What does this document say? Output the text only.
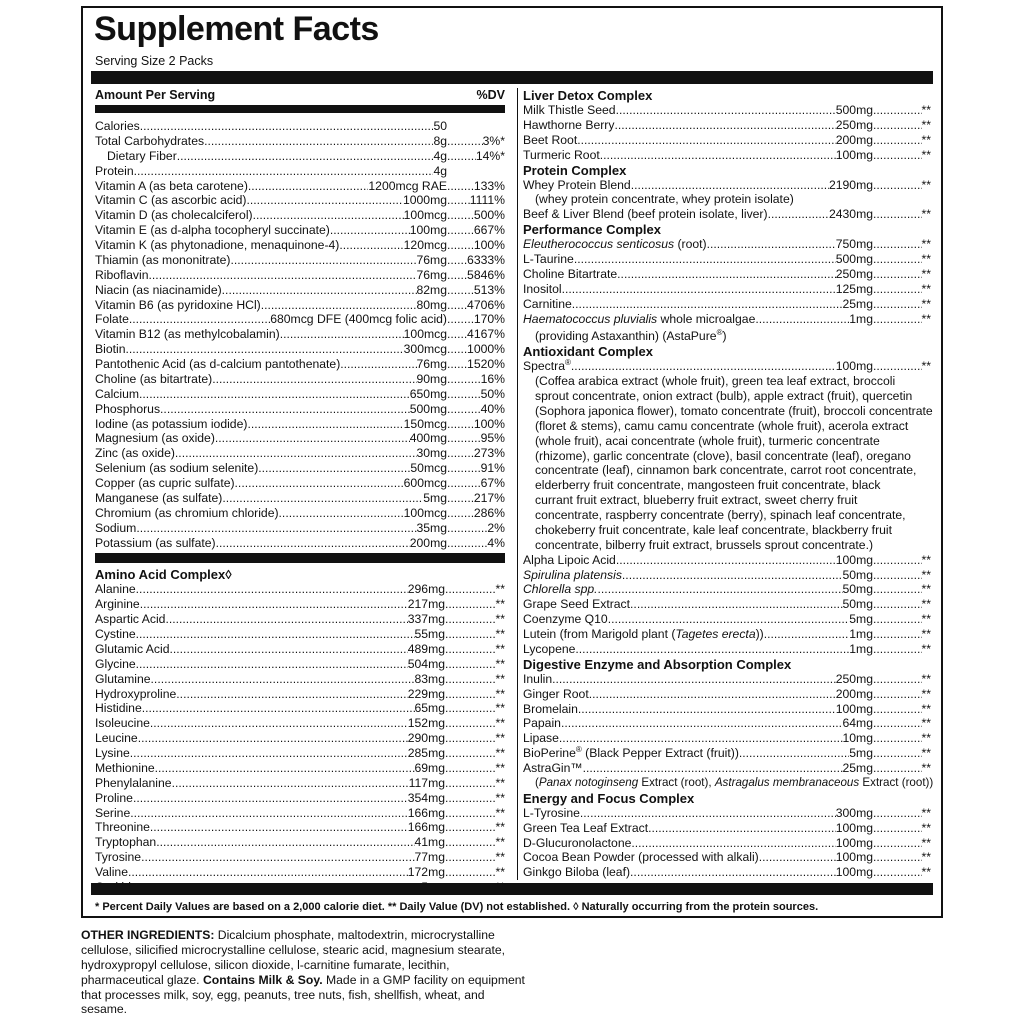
Supplement Facts
Serving Size 2 Packs
Amount Per Serving	%DV
Calories .....	50
Total Carbohydrates .....	8g .....	3%*
Dietary Fiber .....	4g ..... 14%*
Protein .....	4g
Vitamin A (as beta carotene) .....	1200mcg RAE ..... 133%
Vitamin C (as ascorbic acid) .....	1000mg ..... 1111%
Vitamin D (as cholecalciferol) .....	100mcg ..... 500%
Vitamin E (as d-alpha tocopheryl succinate) .....	100mg ..... 667%
Vitamin K (as phytonadione, menaquinone-4) .....	120mcg ..... 100%
Thiamin (as mononitrate) .....	76mg ..... 6333%
Riboflavin .....	76mg ..... 5846%
Niacin (as niacinamide) .....	82mg ..... 513%
Vitamin B6 (as pyridoxine HCl) .....	80mg ..... 4706%
Folate .....	680mcg DFE (400mcg folic acid) ..... 170%
Vitamin B12 (as methylcobalamin) .....	100mcg ..... 4167%
Biotin .....	300mcg ..... 1000%
Pantothenic Acid (as d-calcium pantothenate) .....	76mg ..... 1520%
Choline (as bitartrate) .....	90mg .....	16%
Calcium .....	650mg .....	50%
Phosphorus .....	500mg .....	40%
Iodine (as potassium iodide) .....	150mcg ..... 100%
Magnesium (as oxide) .....	400mg .....	95%
Zinc (as oxide) .....	30mg ..... 273%
Selenium (as sodium selenite) .....	50mcg .....	91%
Copper (as cupric sulfate) .....	600mcg .....	67%
Manganese (as sulfate) .....	5mg ..... 217%
Chromium (as chromium chloride) .....	100mcg ..... 286%
Sodium .....	35mg .....	2%
Potassium (as sulfate) .....	200mg .....	4%
Amino Acid Complex◊
Alanine .....	296mg .....	**
Arginine .....	217mg .....	**
Aspartic Acid .....	337mg .....	**
Cystine .....	55mg .....	**
Glutamic Acid .....	489mg .....	**
Glycine .....	504mg .....	**
Glutamine .....	83mg .....	**
Hydroxyproline .....	229mg .....	**
Histidine .....	65mg .....	**
Isoleucine .....	152mg .....	**
Leucine .....	290mg .....	**
Lysine .....	285mg .....	**
Methionine .....	69mg .....	**
Phenylalanine .....	117mg .....	**
Proline .....	354mg .....	**
Serine .....	166mg .....	**
Threonine .....	166mg .....	**
Tryptophan .....	41mg .....	**
Tyrosine .....	77mg .....	**
Valine .....	172mg .....	**
.....
.....
Liver Detox Complex
Milk Thistle Seed .....	500mg .....	**
Hawthorne Berry .....	250mg .....	**
Beet Root .....	200mg .....	**
Turmeric Root .....	100mg .....	**
Protein Complex
Whey Protein Blend .....	2190mg .....	**
(whey protein concentrate, whey protein isolate)
Beef & Liver Blend (beef protein isolate, liver) .....	2430mg .....	**
Performance Complex
Eleutherococcus senticosus (root) .....	750mg .....	**
L-Taurine .....	500mg .....	**
Choline Bitartrate .....	250mg .....	**
Inositol .....	125mg .....	**
Carnitine .....	25mg .....	**
Haematococcus pluvialis whole microalgae .....	1mg .....	**
(providing Astaxanthin) (AstaPure®)
Antioxidant Complex
Spectra® .....	100mg .....	**
(Coffea arabica extract (whole fruit), green tea leaf extract, broccoli
sprout concentrate, onion extract (bulb), apple extract (fruit), quercetin
(Sophora japonica flower), tomato concentrate (fruit), broccoli concentrate
(floret & stems), camu camu concentrate (whole fruit), acerola extract
(whole fruit), acai concentrate (whole fruit), turmeric concentrate
(rhizome), garlic concentrate (clove), basil concentrate (leaf), oregano
concentrate (leaf), cinnamon bark concentrate, carrot root concentrate,
elderberry fruit concentrate, mangosteen fruit concentrate, black
currant fruit extract, blueberry fruit extract, sweet cherry fruit
concentrate, raspberry concentrate (berry), spinach leaf concentrate,
chokeberry fruit concentrate, kale leaf concentrate, blackberry fruit
concentrate, bilberry fruit extract, brussels sprout concentrate.)
Alpha Lipoic Acid .....	100mg .....	**
Spirulina platensis .....	50mg .....	**
Chlorella spp. .....	50mg .....	**
Grape Seed Extract .....	50mg .....	**
Coenzyme Q10 .....	5mg .....	**
Lutein (from Marigold plant (Tagetes erecta)) .....	1mg .....	**
Lycopene .....	1mg .....	**
Digestive Enzyme and Absorption Complex
Inulin .....	250mg .....	**
Ginger Root .....	200mg .....	**
Bromelain .....	100mg .....	**
Papain .....	64mg .....	**
Lipase .....	10mg .....	**
BioPerine® (Black Pepper Extract (fruit)) .....	5mg .....	**
AstraGin™ .....	25mg .....	**
(Panax notoginseng Extract (root), Astragalus membranaceous Extract (root))
Energy and Focus Complex
L-Tyrosine .....	300mg .....	**
Green Tea Leaf Extract .....	100mg .....	**
D-Glucuronolactone .....	100mg .....	**
Cocoa Bean Powder (processed with alkali) .....	100mg .....	**
Ginkgo Biloba (leaf) .....	100mg .....	**
* Percent Daily Values are based on a 2,000 calorie diet. ** Daily Value (DV) not established. ◊ Naturally occurring from the protein sources.
OTHER INGREDIENTS: Dicalcium phosphate, maltodextrin, microcrystalline cellulose, silicified microcrystalline cellulose, stearic acid, magnesium stearate, hydroxypropyl cellulose, silicon dioxide, l-carnitine fumarate, lecithin, pharmaceutical glaze. Contains Milk & Soy. Made in a GMP facility on equipment that processes milk, soy, egg, peanuts, tree nuts, fish, shellfish, wheat, and sesame.
